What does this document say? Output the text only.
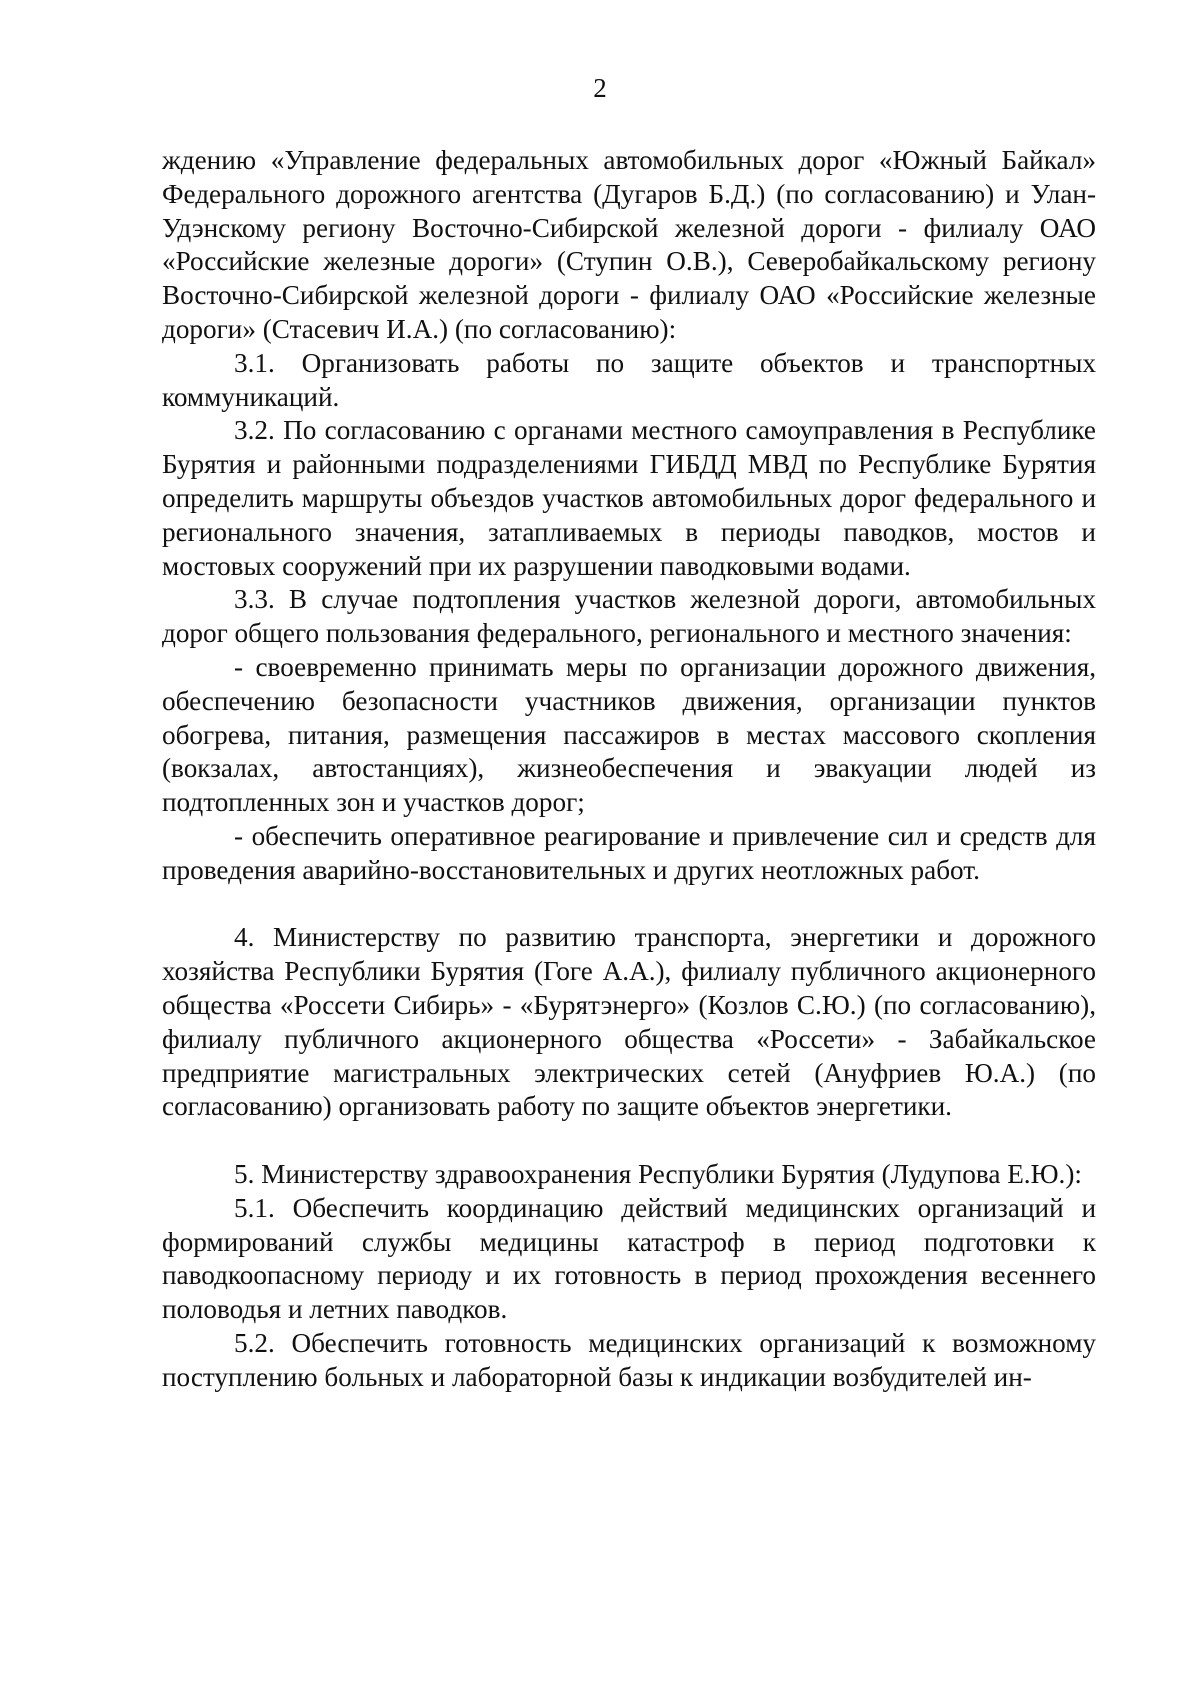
2

ждению «Управление федеральных автомобильных дорог «Южный Байкал» Федерального дорожного агентства (Дугаров Б.Д.) (по согласованию) и Улан-Удэнскому региону Восточно-Сибирской железной дороги - филиалу ОАО «Российские железные дороги» (Ступин О.В.), Северобайкальскому региону Восточно-Сибирской железной дороги - филиалу ОАО «Российские железные дороги» (Стасевич И.А.) (по согласованию):

3.1. Организовать работы по защите объектов и транспортных коммуникаций.

3.2. По согласованию с органами местного самоуправления в Республике Бурятия и районными подразделениями ГИБДД МВД по Республике Бурятия определить маршруты объездов участков автомобильных дорог федерального и регионального значения, затапливаемых в периоды паводков, мостов и мостовых сооружений при их разрушении паводковыми водами.

3.3. В случае подтопления участков железной дороги, автомобильных дорог общего пользования федерального, регионального и местного значения:

- своевременно принимать меры по организации дорожного движения, обеспечению безопасности участников движения, организации пунктов обогрева, питания, размещения пассажиров в местах массового скопления (вокзалах, автостанциях), жизнеобеспечения и эвакуации людей из подтопленных зон и участков дорог;

- обеспечить оперативное реагирование и привлечение сил и средств для проведения аварийно-восстановительных и других неотложных работ.

4. Министерству по развитию транспорта, энергетики и дорожного хозяйства Республики Бурятия (Гоге А.А.), филиалу публичного акционерного общества «Россети Сибирь» - «Бурятэнерго» (Козлов С.Ю.) (по согласованию), филиалу публичного акционерного общества «Россети» - Забайкальское предприятие магистральных электрических сетей (Ануфриев Ю.А.) (по согласованию) организовать работу по защите объектов энергетики.

5. Министерству здравоохранения Республики Бурятия (Лудупова Е.Ю.):

5.1. Обеспечить координацию действий медицинских организаций и формирований службы медицины катастроф в период подготовки к паводкоопасному периоду и их готовность в период прохождения весеннего половодья и летних паводков.

5.2. Обеспечить готовность медицинских организаций к возможному поступлению больных и лабораторной базы к индикации возбудителей ин-
